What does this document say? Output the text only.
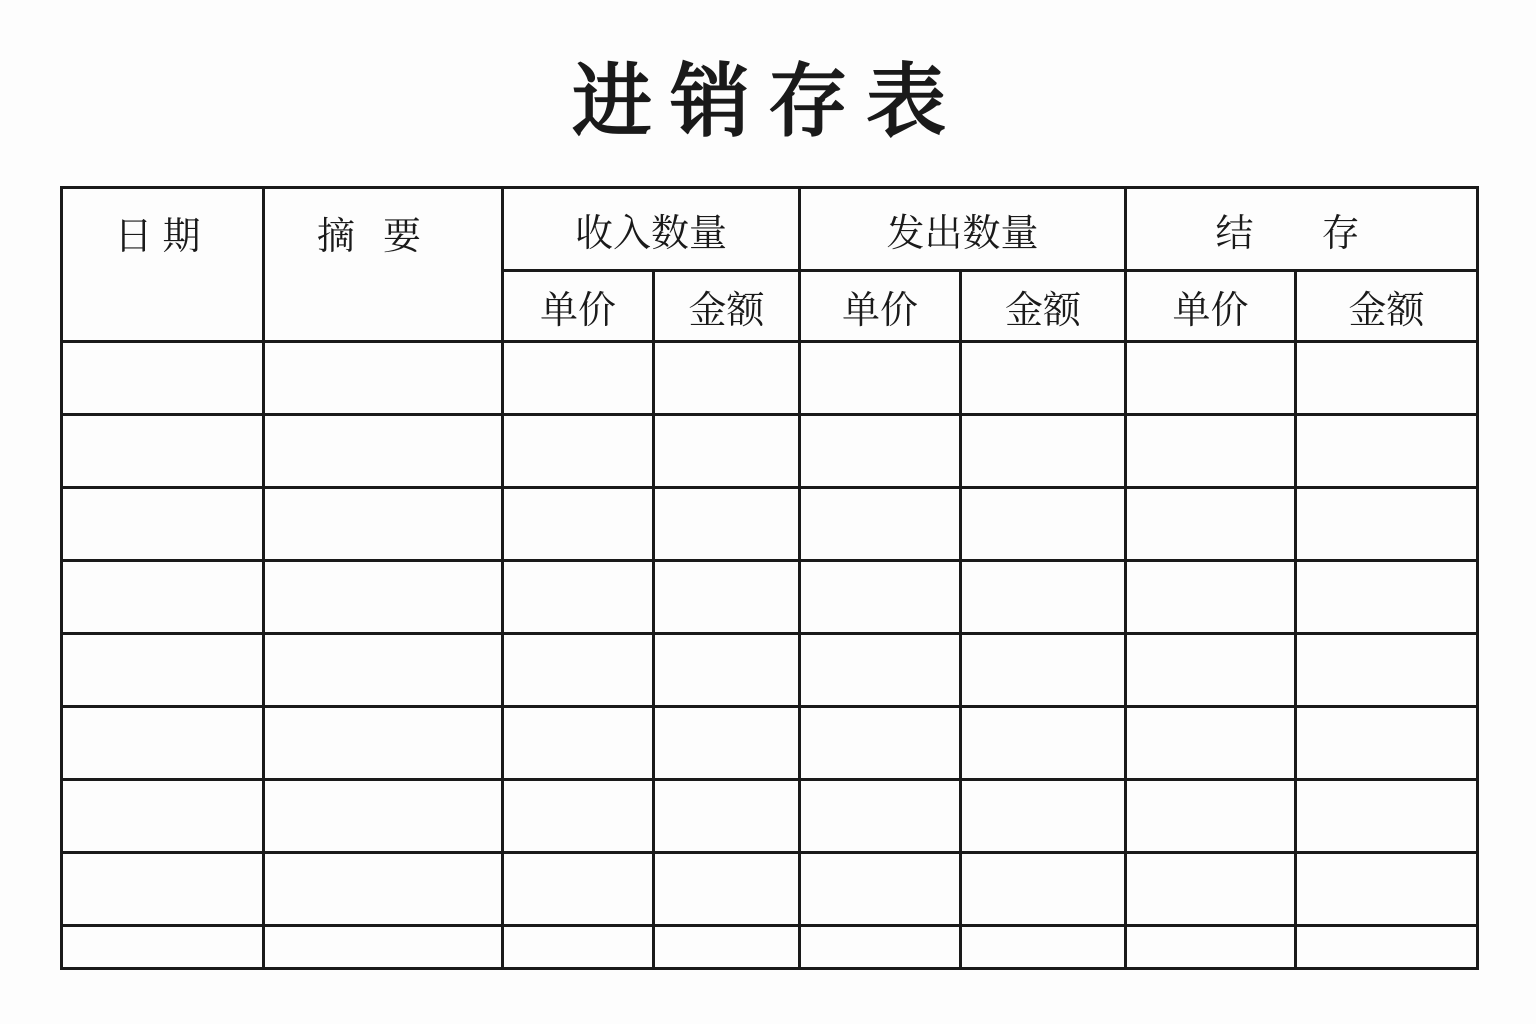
进销存表
日期	摘要	收入数量		发出数量		结 存	
		单价	金额	单价	金额	单价	金额
